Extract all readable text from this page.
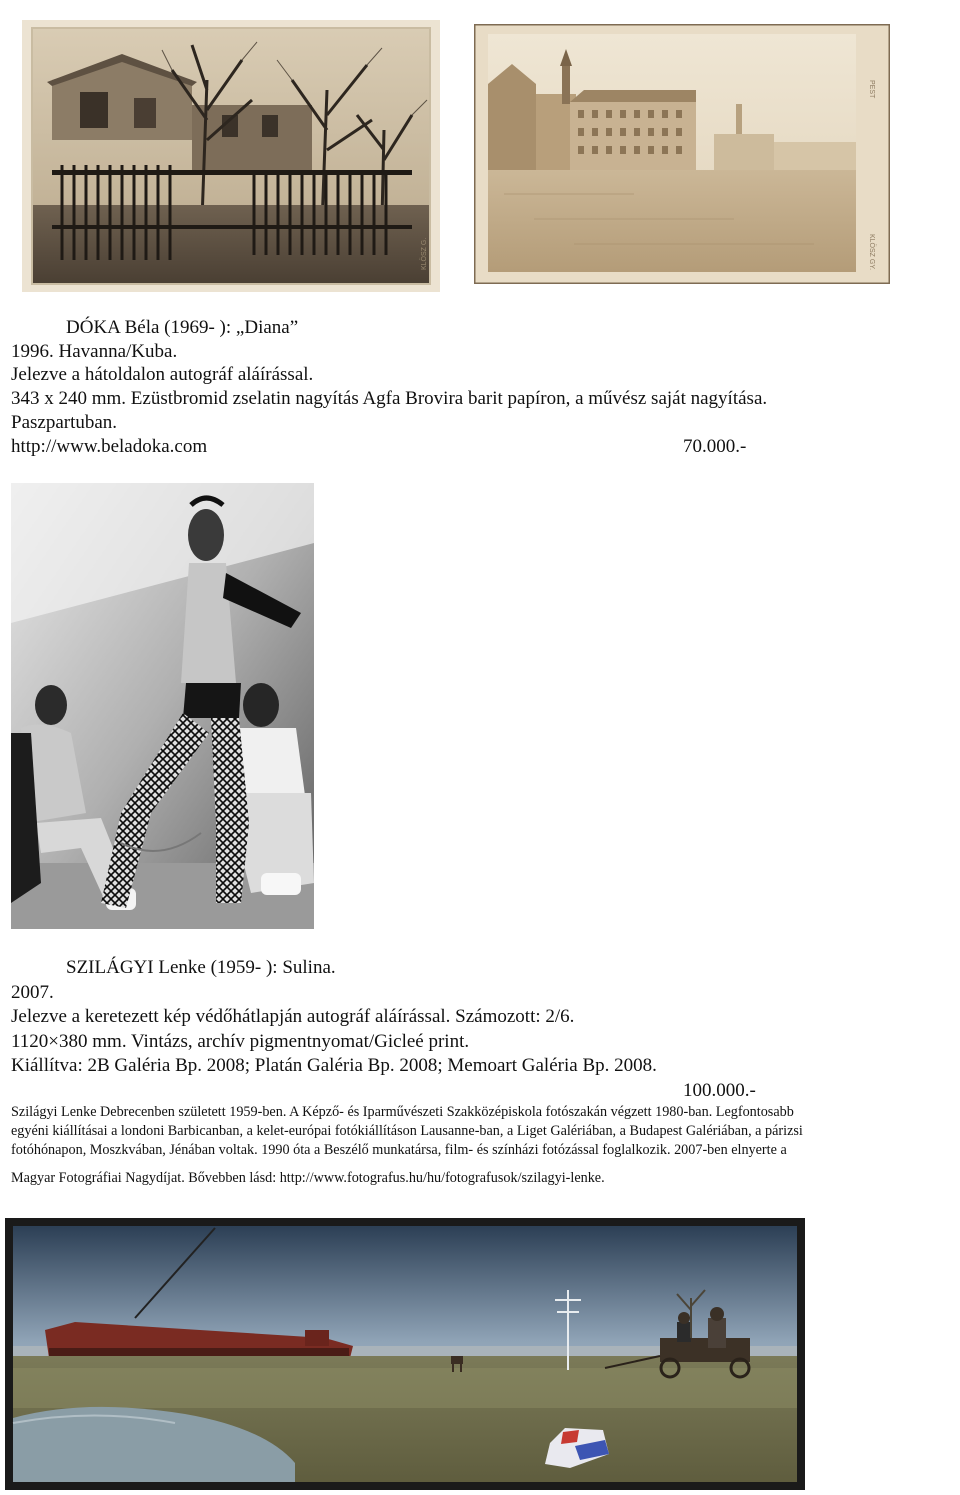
KLÖSZ G.
PEST
KLÖSZ GY.
DÓKA Béla (1969- ): „Diana”
1996. Havanna/Kuba.
Jelezve a hátoldalon autográf aláírással.
343 x 240 mm. Ezüstbromid zselatin nagyítás Agfa Brovira barit papíron, a művész saját nagyítása.
Paszpartuban.
http://www.beladoka.com	70.000.-
SZILÁGYI Lenke (1959- ): Sulina.
2007.
Jelezve a keretezett kép védőhátlapján autográf aláírással. Számozott: 2/6.
1120×380 mm. Vintázs, archív pigmentnyomat/Gicleé print.
Kiállítva: 2B Galéria Bp. 2008; Platán Galéria Bp. 2008; Memoart Galéria Bp. 2008.
100.000.-
Szilágyi Lenke Debrecenben született 1959-ben. A Képző- és Iparművészeti Szakközépiskola fotószakán végzett 1980-ban. Legfontosabb
egyéni kiállításai a londoni Barbicanban, a kelet-európai fotókiállításon Lausanne-ban, a Liget Galériában, a Budapest Galériában, a párizsi
fotóhónapon, Moszkvában, Jénában voltak. 1990 óta a Beszélő munkatársa, film- és színházi fotózással foglalkozik. 2007-ben elnyerte a
Magyar Fotográfiai Nagydíjat. Bővebben lásd: http://www.fotografus.hu/hu/fotografusok/szilagyi-lenke.
